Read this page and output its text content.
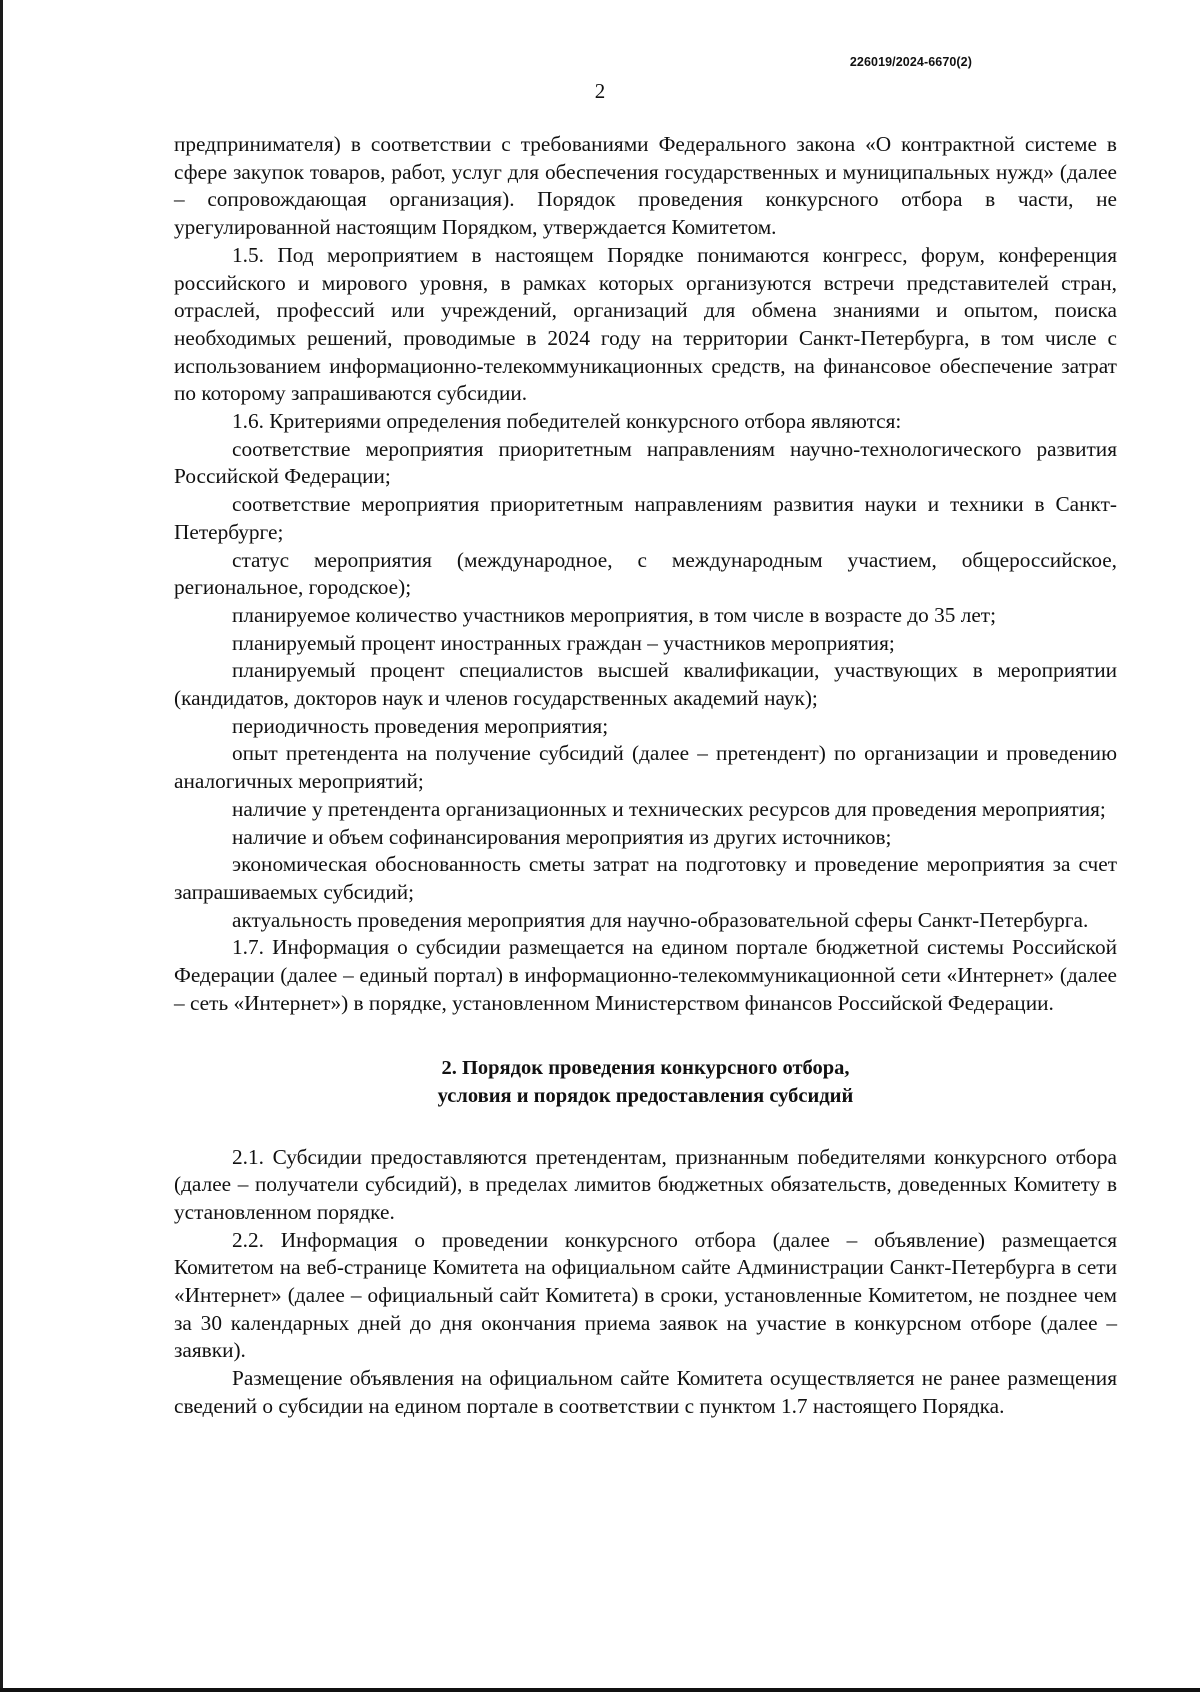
226019/2024-6670(2)
2

предпринимателя) в соответствии с требованиями Федерального закона «О контрактной системе в сфере закупок товаров, работ, услуг для обеспечения государственных и муниципальных нужд» (далее – сопровождающая организация). Порядок проведения конкурсного отбора в части, не урегулированной настоящим Порядком, утверждается Комитетом.

1.5. Под мероприятием в настоящем Порядке понимаются конгресс, форум, конференция российского и мирового уровня, в рамках которых организуются встречи представителей стран, отраслей, профессий или учреждений, организаций для обмена знаниями и опытом, поиска необходимых решений, проводимые в 2024 году на территории Санкт-Петербурга, в том числе с использованием информационно-телекоммуникационных средств, на финансовое обеспечение затрат по которому запрашиваются субсидии.

1.6. Критериями определения победителей конкурсного отбора являются:

соответствие мероприятия приоритетным направлениям научно-технологического развития Российской Федерации;

соответствие мероприятия приоритетным направлениям развития науки и техники в Санкт-Петербурге;

статус мероприятия (международное, с международным участием, общероссийское, региональное, городское);

планируемое количество участников мероприятия, в том числе в возрасте до 35 лет;

планируемый процент иностранных граждан – участников мероприятия;

планируемый процент специалистов высшей квалификации, участвующих в мероприятии (кандидатов, докторов наук и членов государственных академий наук);

периодичность проведения мероприятия;

опыт претендента на получение субсидий (далее – претендент) по организации и проведению аналогичных мероприятий;

наличие у претендента организационных и технических ресурсов для проведения мероприятия;

наличие и объем софинансирования мероприятия из других источников;

экономическая обоснованность сметы затрат на подготовку и проведение мероприятия за счет запрашиваемых субсидий;

актуальность проведения мероприятия для научно-образовательной сферы Санкт-Петербурга.

1.7. Информация о субсидии размещается на едином портале бюджетной системы Российской Федерации (далее – единый портал) в информационно-телекоммуникационной сети «Интернет» (далее – сеть «Интернет») в порядке, установленном Министерством финансов Российской Федерации.

2. Порядок проведения конкурсного отбора,
условия и порядок предоставления субсидий

2.1. Субсидии предоставляются претендентам, признанным победителями конкурсного отбора (далее – получатели субсидий), в пределах лимитов бюджетных обязательств, доведенных Комитету в установленном порядке.

2.2. Информация о проведении конкурсного отбора (далее – объявление) размещается Комитетом на веб-странице Комитета на официальном сайте Администрации Санкт-Петербурга в сети «Интернет» (далее – официальный сайт Комитета) в сроки, установленные Комитетом, не позднее чем за 30 календарных дней до дня окончания приема заявок на участие в конкурсном отборе (далее – заявки).

Размещение объявления на официальном сайте Комитета осуществляется не ранее размещения сведений о субсидии на едином портале в соответствии с пунктом 1.7 настоящего Порядка.
